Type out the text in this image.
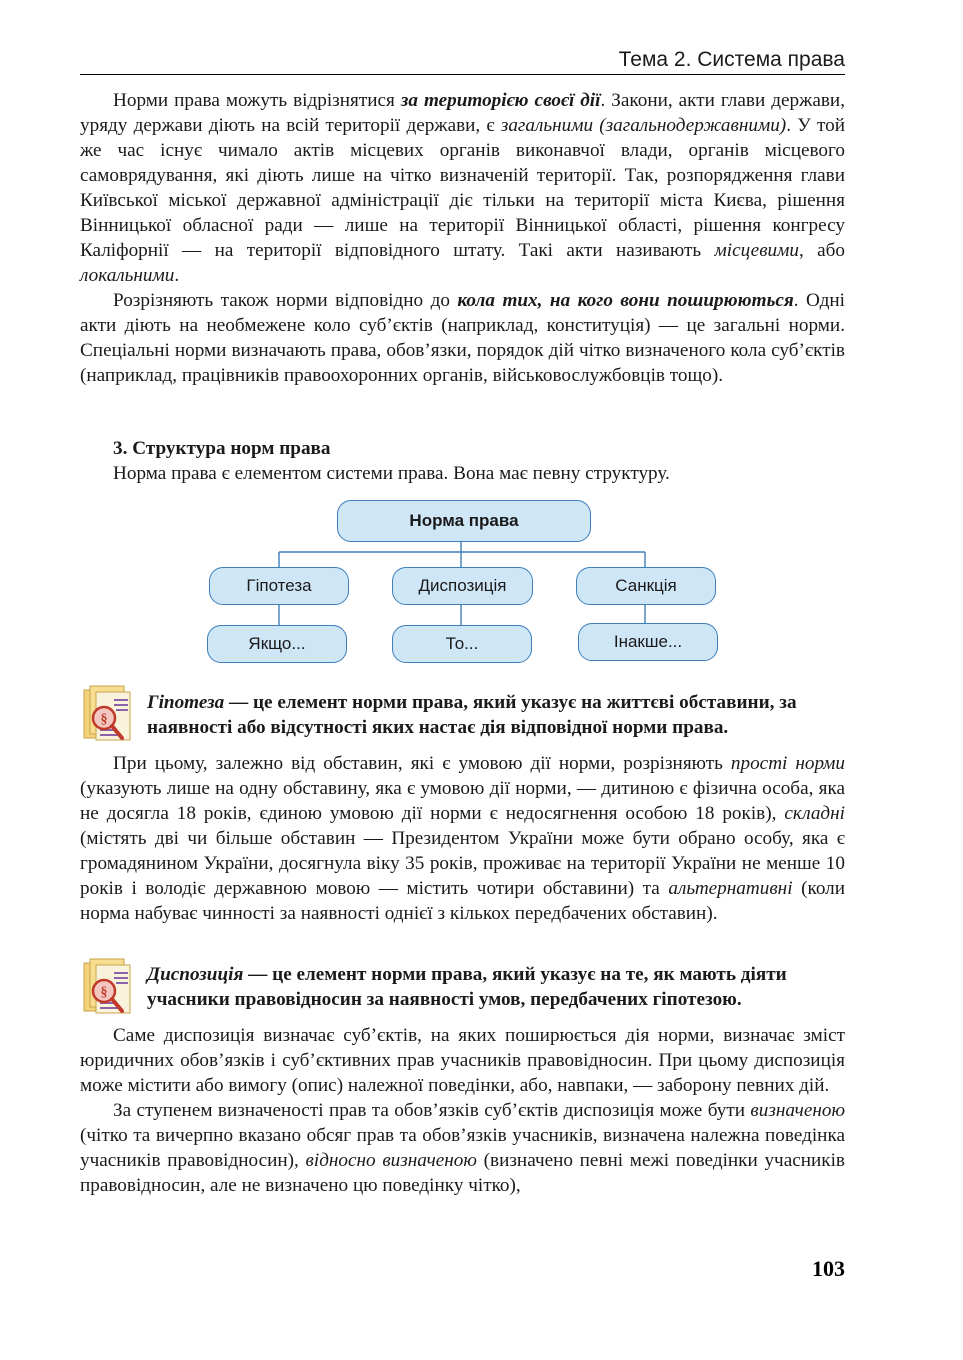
Тема 2. Система права

Норми права можуть відрізнятися за територією своєї дії. Закони, акти глави держави, уряду держави діють на всій території держави, є загальними (загальнодержавними). У той же час існує чимало актів місцевих органів виконавчої влади, органів місцевого самоврядування, які діють лише на чітко визначеній території. Так, розпорядження глави Київської міської державної адміністрації діє тільки на території міста Києва, рішення Вінницької обласної ради — лише на території Вінницької області, рішення конгресу Каліфорнії — на території відповідного штату. Такі акти називають місцевими, або локальними.

Розрізняють також норми відповідно до кола тих, на кого вони поширюються. Одні акти діють на необмежене коло суб’єктів (наприклад, конституція) — це загальні норми. Спеціальні норми визначають права, обов’язки, порядок дій чітко визначеного кола суб’єктів (наприклад, працівників правоохоронних органів, військовослужбовців тощо).

3. Структура норм права
Норма права є елементом системи права. Вона має певну структуру.
Норма права
Гіпотеза	Диспозиція	Санкція
Якщо...	То...	Інакше...
§
Гіпотеза — це елемент норми права, який указує на життєві обставини, за наявності або відсутності яких настає дія відповідної норми права.

При цьому, залежно від обставин, які є умовою дії норми, розрізняють прості норми (указують лише на одну обставину, яка є умовою дії норми, — дитиною є фізична особа, яка не досягла 18 років, єдиною умовою дії норми є недосягнення особою 18 років), складні (містять дві чи більше обставин — Президентом України може бути обрано особу, яка є громадянином України, досягнула віку 35 років, проживає на території України не менше 10 років і володіє державною мовою — містить чотири обставини) та альтернативні (коли норма набуває чинності за наявності однієї з кількох передбачених обставин).

§
Диспозиція — це елемент норми права, який указує на те, як мають діяти учасники правовідносин за наявності умов, передбачених гіпотезою.

Саме диспозиція визначає суб’єктів, на яких поширюється дія норми, визначає зміст юридичних обов’язків і суб’єктивних прав учасників правовідносин. При цьому диспозиція може містити або вимогу (опис) належної поведінки, або, навпаки, — заборону певних дій.

За ступенем визначеності прав та обов’язків суб’єктів диспозиція може бути визначеною (чітко та вичерпно вказано обсяг прав та обов’язків учасників, визначена належна поведінка учасників правовідносин), відносно визначеною (визначено певні межі поведінки учасників правовідносин, але не визначено цю поведінку чітко),

103
